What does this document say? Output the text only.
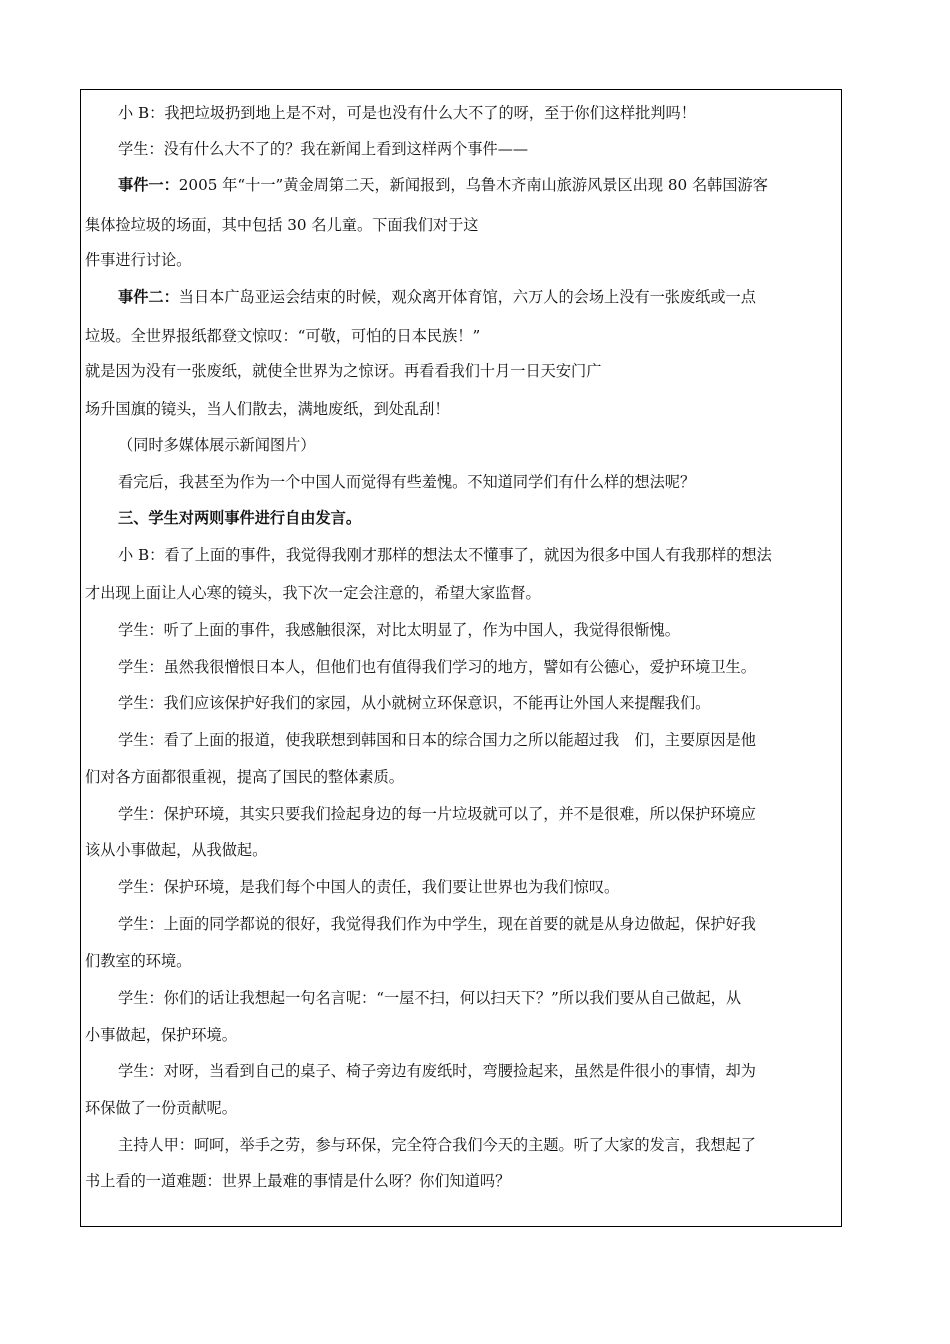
小 B：我把垃圾扔到地上是不对，可是也没有什么大不了的呀，至于你们这样批判吗！
学生：没有什么大不了的？我在新闻上看到这样两个事件——
事件一：2005 年“十一”黄金周第二天，新闻报到，乌鲁木齐南山旅游风景区出现 80 名韩国游客
集体捡垃圾的场面，其中包括 30 名儿童。下面我们对于这
件事进行讨论。
事件二：当日本广岛亚运会结束的时候，观众离开体育馆，六万人的会场上没有一张废纸或一点
垃圾。全世界报纸都登文惊叹：“可敬，可怕的日本民族！”
就是因为没有一张废纸，就使全世界为之惊讶。再看看我们十月一日天安门广
场升国旗的镜头，当人们散去，满地废纸，到处乱刮！
（同时多媒体展示新闻图片）
看完后，我甚至为作为一个中国人而觉得有些羞愧。不知道同学们有什么样的想法呢？
三、学生对两则事件进行自由发言。
小 B：看了上面的事件，我觉得我刚才那样的想法太不懂事了，就因为很多中国人有我那样的想法
才出现上面让人心寒的镜头，我下次一定会注意的，希望大家监督。
学生：听了上面的事件，我感触很深，对比太明显了，作为中国人，我觉得很惭愧。
学生：虽然我很憎恨日本人，但他们也有值得我们学习的地方，譬如有公德心，爱护环境卫生。
学生：我们应该保护好我们的家园，从小就树立环保意识，不能再让外国人来提醒我们。
学生：看了上面的报道，使我联想到韩国和日本的综合国力之所以能超过我　们，主要原因是他
们对各方面都很重视，提高了国民的整体素质。
学生：保护环境，其实只要我们捡起身边的每一片垃圾就可以了，并不是很难，所以保护环境应
该从小事做起，从我做起。
学生：保护环境，是我们每个中国人的责任，我们要让世界也为我们惊叹。
学生：上面的同学都说的很好，我觉得我们作为中学生，现在首要的就是从身边做起，保护好我
们教室的环境。
学生：你们的话让我想起一句名言呢：“一屋不扫，何以扫天下？”所以我们要从自己做起，从
小事做起，保护环境。
学生：对呀，当看到自己的桌子、椅子旁边有废纸时，弯腰捡起来，虽然是件很小的事情，却为
环保做了一份贡献呢。
主持人甲：呵呵，举手之劳，参与环保，完全符合我们今天的主题。听了大家的发言，我想起了
书上看的一道难题：世界上最难的事情是什么呀？你们知道吗？
